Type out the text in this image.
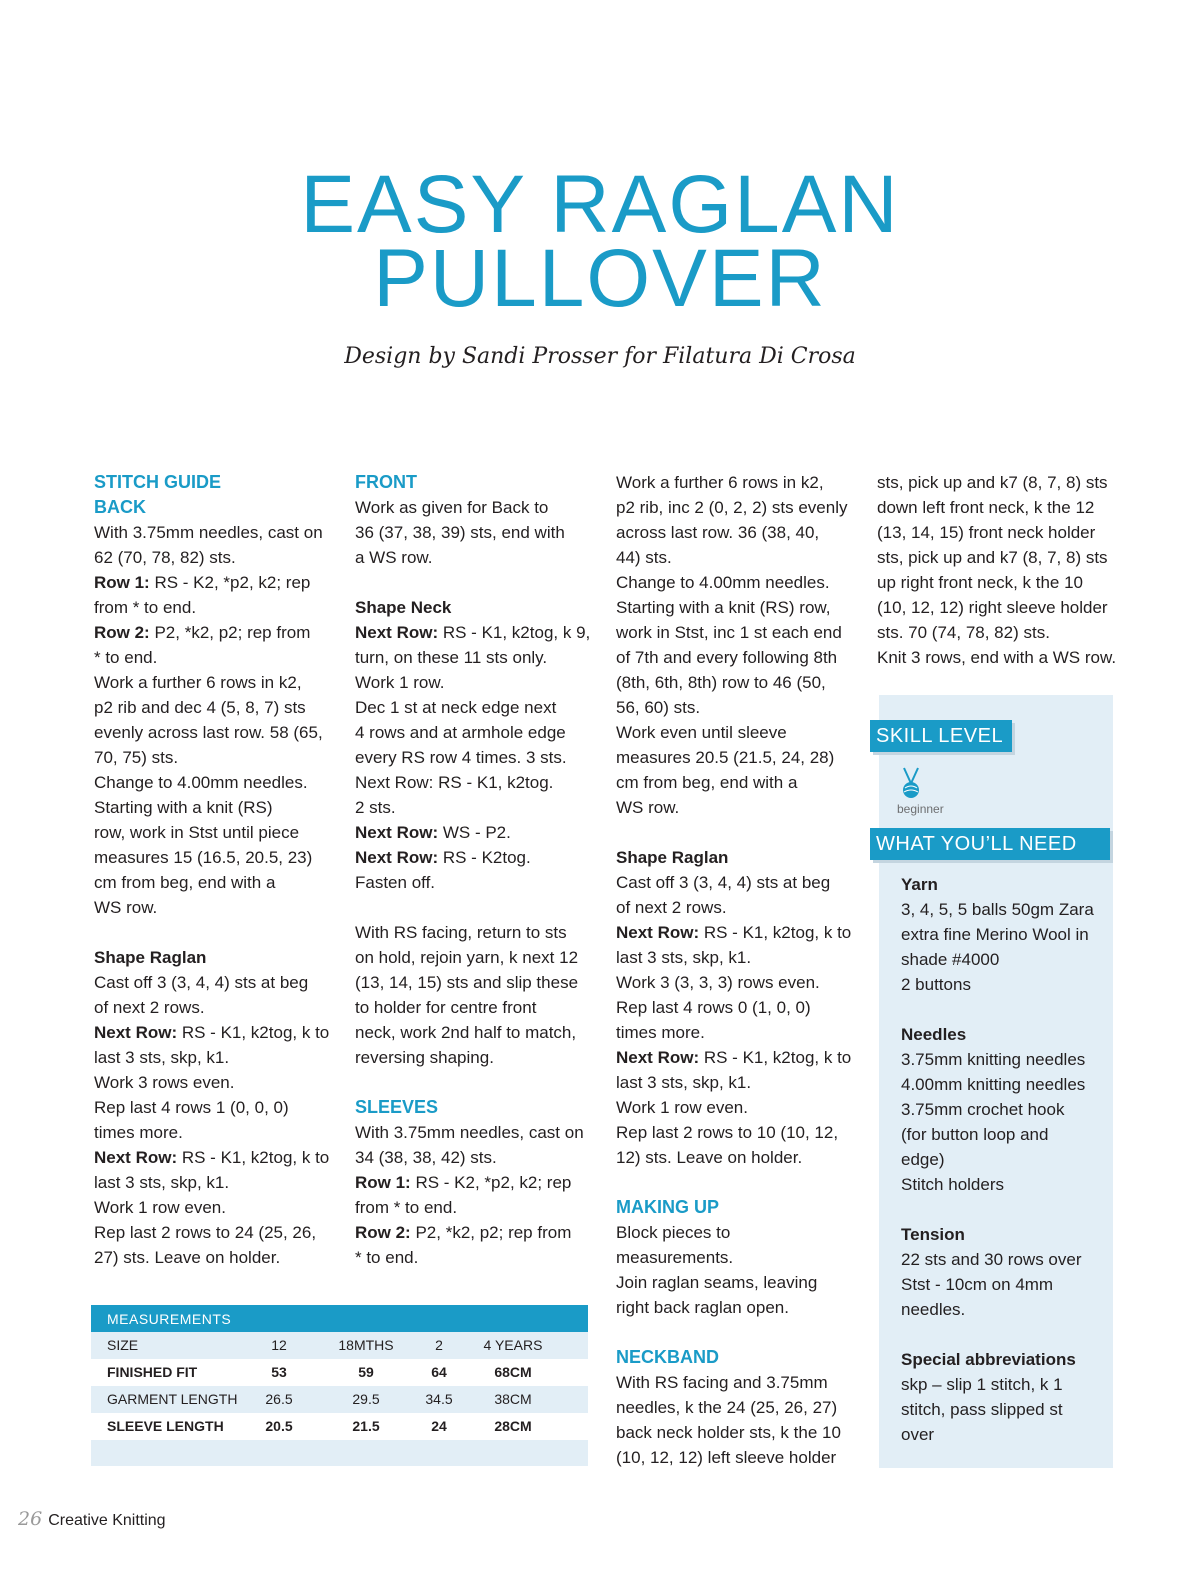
EASY RAGLAN
PULLOVER
Design by Sandi Prosser for Filatura Di Crosa

STITCH GUIDE

BACK

With 3.75mm needles, cast on

62 (70, 78, 82) sts.

Row 1: RS - K2, *p2, k2; rep

from * to end.

Row 2: P2, *k2, p2; rep from

* to end.

Work a further 6 rows in k2,

p2 rib and dec 4 (5, 8, 7) sts

evenly across last row. 58 (65,

70, 75) sts.

Change to 4.00mm needles.

Starting with a knit (RS)

row, work in Stst until piece

measures 15 (16.5, 20.5, 23)

cm from beg, end with a

WS row.

Shape Raglan

Cast off 3 (3, 4, 4) sts at beg

of next 2 rows.

Next Row: RS - K1, k2tog, k to

last 3 sts, skp, k1.

Work 3 rows even.

Rep last 4 rows 1 (0, 0, 0)

times more.

Next Row: RS - K1, k2tog, k to

last 3 sts, skp, k1.

Work 1 row even.

Rep last 2 rows to 24 (25, 26,

27) sts. Leave on holder.

FRONT

Work as given for Back to

36 (37, 38, 39) sts, end with

a WS row.

Shape Neck

Next Row: RS - K1, k2tog, k 9,

turn, on these 11 sts only.

Work 1 row.

Dec 1 st at neck edge next

4 rows and at armhole edge

every RS row 4 times. 3 sts.

Next Row: RS - K1, k2tog.

2 sts.

Next Row: WS - P2.

Next Row: RS - K2tog.

Fasten off.

With RS facing, return to sts

on hold, rejoin yarn, k next 12

(13, 14, 15) sts and slip these

to holder for centre front

neck, work 2nd half to match,

reversing shaping.

SLEEVES

With 3.75mm needles, cast on

34 (38, 38, 42) sts.

Row 1: RS - K2, *p2, k2; rep

from * to end.

Row 2: P2, *k2, p2; rep from

* to end.

Work a further 6 rows in k2,

p2 rib, inc 2 (0, 2, 2) sts evenly

across last row. 36 (38, 40,

44) sts.

Change to 4.00mm needles.

Starting with a knit (RS) row,

work in Stst, inc 1 st each end

of 7th and every following 8th

(8th, 6th, 8th) row to 46 (50,

56, 60) sts.

Work even until sleeve

measures 20.5 (21.5, 24, 28)

cm from beg, end with a

WS row.

Shape Raglan

Cast off 3 (3, 4, 4) sts at beg

of next 2 rows.

Next Row: RS - K1, k2tog, k to

last 3 sts, skp, k1.

Work 3 (3, 3, 3) rows even.

Rep last 4 rows 0 (1, 0, 0)

times more.

Next Row: RS - K1, k2tog, k to

last 3 sts, skp, k1.

Work 1 row even.

Rep last 2 rows to 10 (10, 12,

12) sts. Leave on holder.

MAKING UP

Block pieces to

measurements.

Join raglan seams, leaving

right back raglan open.

NECKBAND

With RS facing and 3.75mm

needles, k the 24 (25, 26, 27)

back neck holder sts, k the 10

(10, 12, 12) left sleeve holder

sts, pick up and k7 (8, 7, 8) sts

down left front neck, k the 12

(13, 14, 15) front neck holder

sts, pick up and k7 (8, 7, 8) sts

up right front neck, k the 10

(10, 12, 12) right sleeve holder

sts. 70 (74, 78, 82) sts.

Knit 3 rows, end with a WS row.

SKILL LEVEL
beginner
WHAT YOU’LL NEED

Yarn

3, 4, 5, 5 balls 50gm Zara

extra fine Merino Wool in

shade #4000

2 buttons

Needles

3.75mm knitting needles

4.00mm knitting needles

3.75mm crochet hook

(for button loop and

edge)

Stitch holders

Tension

22 sts and 30 rows over

Stst - 10cm on 4mm

needles.

Special abbreviations

skp – slip 1 stitch, k 1

stitch, pass slipped st

over

MEASUREMENTS
SIZE	12	18MTHS	2	4 YEARS
FINISHED FIT	53	59	64	68CM
GARMENT LENGTH	26.5	29.5	34.5	38CM
SLEEVE LENGTH	20.5	21.5	24	28CM
26 Creative Knitting
